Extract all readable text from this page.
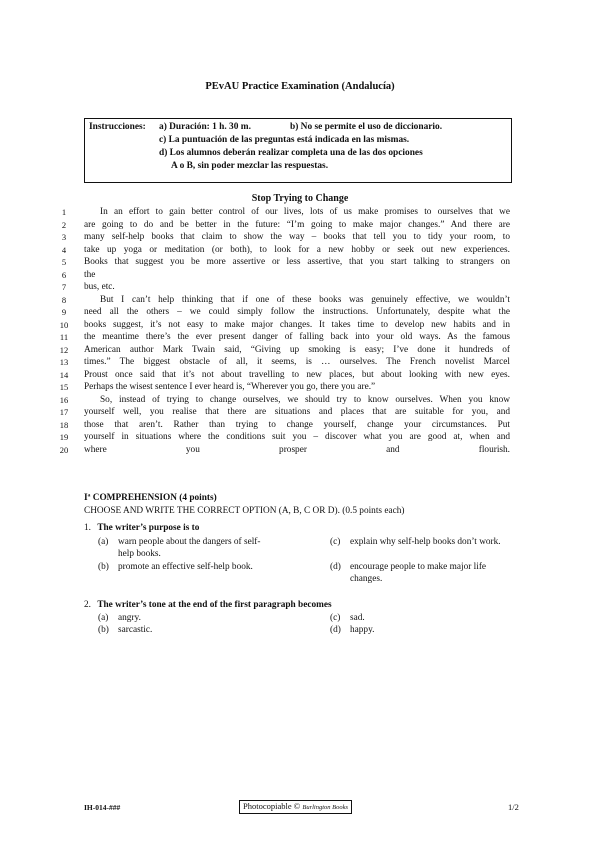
PEvAU Practice Examination (Andalucía)
Instrucciones: a) Duración: 1 h. 30 m.	b) No se permite el uso de diccionario.
c) La puntuación de las preguntas está indicada en las mismas.
d) Los alumnos deberán realizar completa una de las dos opciones
A o B, sin poder mezclar las respuestas.
Stop Trying to Change
1
2
3
4
5
6
7
8
9
10
11
12
13
14
15
16
17
18
19
20
In an effort to gain better control of our lives, lots of us make promises to ourselves that we
are going to do and be better in the future: “I’m going to make major changes.” And there are
many self-help books that claim to show the way – books that tell you to tidy your room, to
take up yoga or meditation (or both), to look for a new hobby or seek out new experiences.
Books that suggest you be more assertive or less assertive, that you start talking to strangers on
the
bus, etc.
But I can’t help thinking that if one of these books was genuinely effective, we wouldn’t
need all the others – we could simply follow the instructions. Unfortunately, despite what the
books suggest, it’s not easy to make major changes. It takes time to develop new habits and in
the meantime there’s the ever present danger of falling back into your old ways. As the famous
American author Mark Twain said, “Giving up smoking is easy; I’ve done it hundreds of
times.” The biggest obstacle of all, it seems, is … ourselves. The French novelist Marcel
Proust once said that it’s not about travelling to new places, but about looking with new eyes.
Perhaps the wisest sentence I ever heard is, “Wherever you go, there you are.”
So, instead of trying to change ourselves, we should try to know ourselves. When you know
yourself well, you realise that there are situations and places that are suitable for you, and
those that aren’t. Rather than trying to change yourself, change your circumstances. Put
yourself in situations where the conditions suit you – discover what you are good at, when and
where you prosper and flourish.
Iª COMPREHENSION (4 points)
CHOOSE AND WRITE THE CORRECT OPTION (A, B, C OR D). (0.5 points each)
1. The writer’s purpose is to
(a) warn people about the dangers of self-help books.
(b) promote an effective self-help book.
(c) explain why self-help books don’t work.
(d) encourage people to make major life changes.
2. The writer’s tone at the end of the first paragraph becomes
(a) angry.
(b) sarcastic.
(c) sad.
(d) happy.
IH-014-###	Photocopiable © Burlington Books	1/2
